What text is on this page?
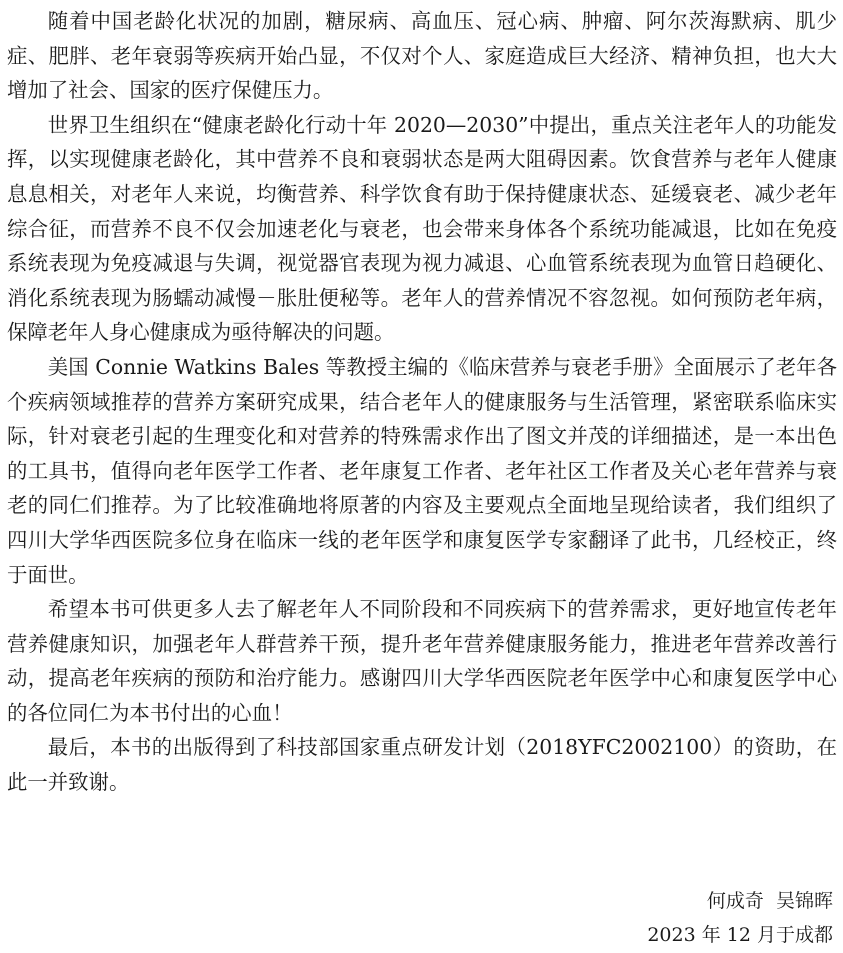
随着中国老龄化状况的加剧，糖尿病、高血压、冠心病、肿瘤、阿尔茨海默病、肌少症、肥胖、老年衰弱等疾病开始凸显，不仅对个人、家庭造成巨大经济、精神负担，也大大增加了社会、国家的医疗保健压力。

世界卫生组织在“健康老龄化行动十年 2020—2030”中提出，重点关注老年人的功能发挥，以实现健康老龄化，其中营养不良和衰弱状态是两大阻碍因素。饮食营养与老年人健康息息相关，对老年人来说，均衡营养、科学饮食有助于保持健康状态、延缓衰老、减少老年综合征，而营养不良不仅会加速老化与衰老，也会带来身体各个系统功能减退，比如在免疫系统表现为免疫减退与失调，视觉器官表现为视力减退、心血管系统表现为血管日趋硬化、消化系统表现为肠蠕动减慢－胀肚便秘等。老年人的营养情况不容忽视。如何预防老年病，保障老年人身心健康成为亟待解决的问题。

美国 Connie Watkins Bales 等教授主编的《临床营养与衰老手册》全面展示了老年各个疾病领域推荐的营养方案研究成果，结合老年人的健康服务与生活管理，紧密联系临床实际，针对衰老引起的生理变化和对营养的特殊需求作出了图文并茂的详细描述，是一本出色的工具书，值得向老年医学工作者、老年康复工作者、老年社区工作者及关心老年营养与衰老的同仁们推荐。为了比较准确地将原著的内容及主要观点全面地呈现给读者，我们组织了四川大学华西医院多位身在临床一线的老年医学和康复医学专家翻译了此书，几经校正，终于面世。

希望本书可供更多人去了解老年人不同阶段和不同疾病下的营养需求，更好地宣传老年营养健康知识，加强老年人群营养干预，提升老年营养健康服务能力，推进老年营养改善行动，提高老年疾病的预防和治疗能力。感谢四川大学华西医院老年医学中心和康复医学中心的各位同仁为本书付出的心血！

最后，本书的出版得到了科技部国家重点研发计划（2018YFC2002100）的资助，在此一并致谢。

何成奇  吴锦晖
2023 年 12 月于成都
